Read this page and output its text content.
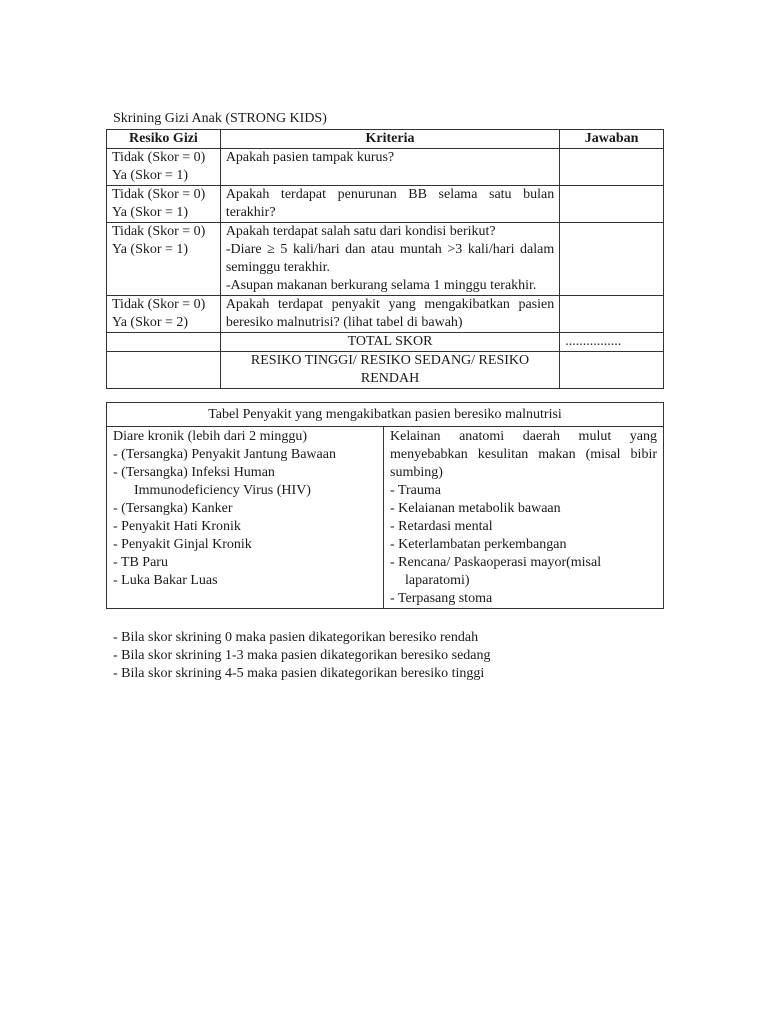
Skrining Gizi Anak (STRONG KIDS)
Resiko Gizi	Kriteria	Jawaban

Tidak (Skor = 0)
Ya (Skor = 1)	Apakah pasien tampak kurus?	

Tidak (Skor = 0)
Ya (Skor = 1)	Apakah terdapat penurunan BB selama satu bulan terakhir?	

Tidak (Skor = 0)
Ya (Skor = 1)	Apakah terdapat salah satu dari kondisi berikut?
-Diare ≥ 5 kali/hari dan atau muntah >3 kali/hari dalam seminggu terakhir.
-Asupan makanan berkurang selama 1 minggu terakhir.	

Tidak (Skor = 0)
Ya (Skor = 2)	Apakah terdapat penyakit yang mengakibatkan pasien beresiko malnutrisi? (lihat tabel di bawah)	

	TOTAL SKOR	................
	RESIKO TINGGI/ RESIKO SEDANG/ RESIKO RENDAH	
Tabel Penyakit yang mengakibatkan pasien beresiko malnutrisi

Diare kronik (lebih dari 2 minggu)
- (Tersangka) Penyakit Jantung Bawaan
- (Tersangka) Infeksi Human
Immunodeficiency Virus (HIV)
- (Tersangka) Kanker
- Penyakit Hati Kronik
- Penyakit Ginjal Kronik
- TB Paru
- Luka Bakar Luas

Kelainan anatomi daerah mulut yang menyebabkan kesulitan makan (misal bibir sumbing)
- Trauma
- Kelaianan metabolik bawaan
- Retardasi mental
- Keterlambatan perkembangan
- Rencana/ Paskaoperasi mayor(misal
laparatomi)
- Terpasang stoma
- Bila skor skrining 0 maka pasien dikategorikan beresiko rendah
- Bila skor skrining 1-3 maka pasien dikategorikan beresiko sedang
- Bila skor skrining 4-5 maka pasien dikategorikan beresiko tinggi
